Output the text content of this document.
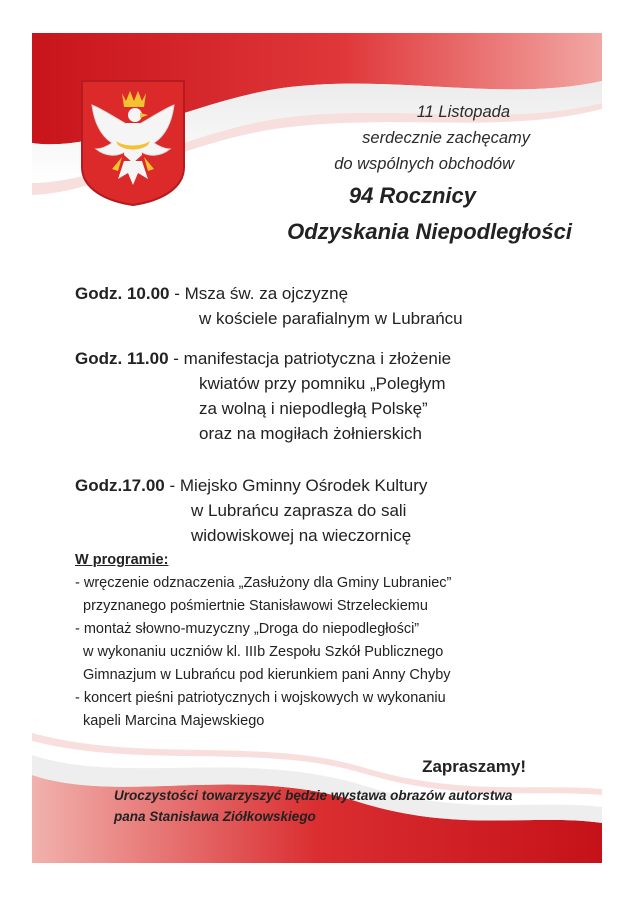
11 Listopada
serdecznie zachęcamy
do wspólnych obchodów
94 Rocznicy
Odzyskania Niepodległości
Godz. 10.00 - Msza św. za ojczyznę
w kościele parafialnym w Lubrańcu
Godz. 11.00 - manifestacja patriotyczna i złożenie
kwiatów przy pomniku „Poległym
za wolną i niepodległą Polskę”
oraz na mogiłach żołnierskich
Godz.17.00 - Miejsko Gminny Ośrodek Kultury
w Lubrańcu zaprasza do sali
widowiskowej na wieczornicę
W programie:
- wręczenie odznaczenia „Zasłużony dla Gminy Lubraniec”
przyznanego pośmiertnie Stanisławowi Strzeleckiemu
- montaż słowno-muzyczny „Droga do niepodległości”
w wykonaniu uczniów kl. IIIb Zespołu Szkół Publicznego
Gimnazjum w Lubrańcu pod kierunkiem pani Anny Chyby
- koncert pieśni patriotycznych i wojskowych w wykonaniu
kapeli Marcina Majewskiego
Zapraszamy!
Uroczystości towarzyszyć będzie wystawa obrazów autorstwa
pana Stanisława Ziółkowskiego
